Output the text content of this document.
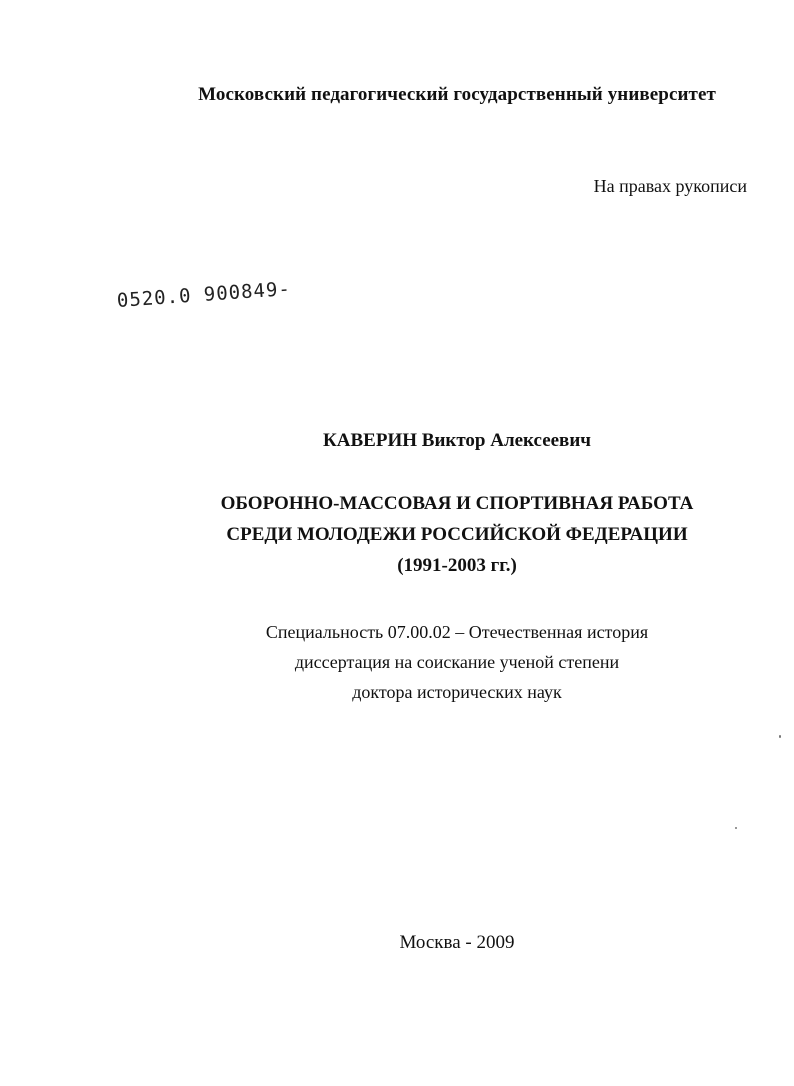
Московский педагогический государственный университет
На правах рукописи
0520.0 900849-
КАВЕРИН Виктор Алексеевич
ОБОРОННО-МАССОВАЯ И СПОРТИВНАЯ РАБОТА
СРЕДИ МОЛОДЕЖИ РОССИЙСКОЙ ФЕДЕРАЦИИ
(1991-2003 гг.)
Специальность 07.00.02 – Отечественная история
диссертация на соискание ученой степени
доктора исторических наук
Москва - 2009
